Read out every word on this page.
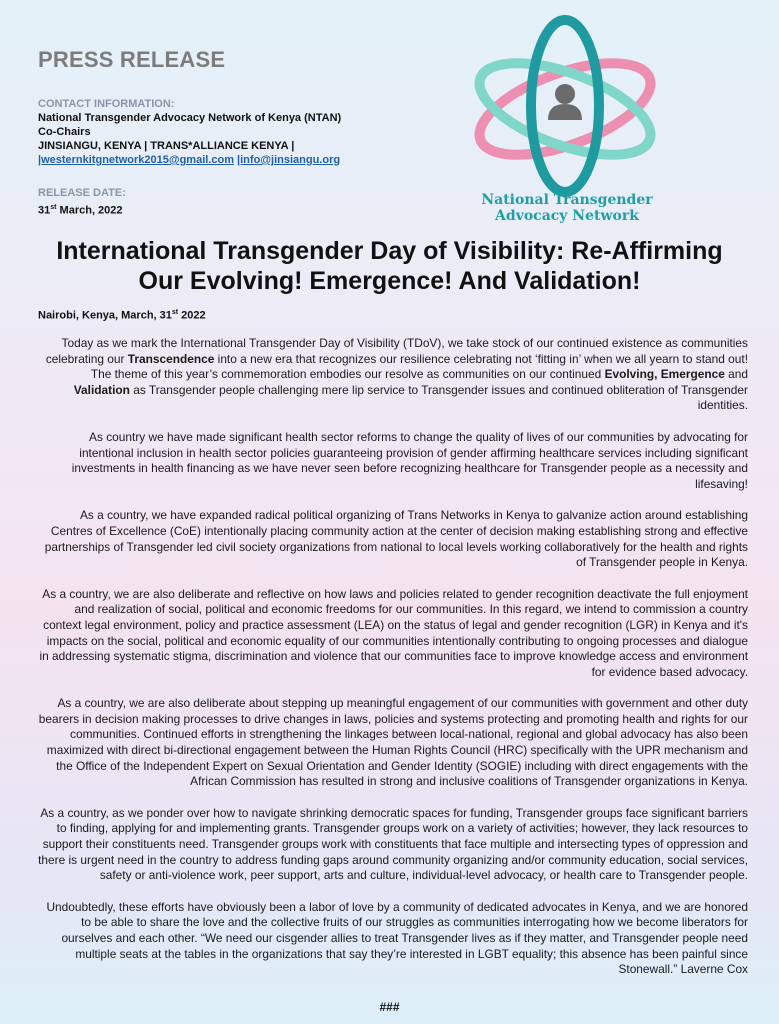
PRESS RELEASE
CONTACT INFORMATION:
National Transgender Advocacy Network of Kenya (NTAN)
Co-Chairs
JINSIANGU, KENYA | TRANS*ALLIANCE KENYA |
|westernkitgnetwork2015@gmail.com |info@jinsiangu.org
RELEASE DATE:
31st March, 2022
National Transgender
Advocacy Network
International Transgender Day of Visibility: Re-Affirming
Our Evolving! Emergence! And Validation!
Nairobi, Kenya, March, 31st 2022

Today as we mark the International Transgender Day of Visibility (TDoV), we take stock of our continued existence as communities celebrating our Transcendence into a new era that recognizes our resilience celebrating not ‘fitting in’ when we all yearn to stand out! The theme of this year’s commemoration embodies our resolve as communities on our continued Evolving, Emergence and Validation as Transgender people challenging mere lip service to Transgender issues and continued obliteration of Transgender identities.

As country we have made significant health sector reforms to change the quality of lives of our communities by advocating for intentional inclusion in health sector policies guaranteeing provision of gender affirming healthcare services including significant investments in health financing as we have never seen before recognizing healthcare for Transgender people as a necessity and lifesaving!

As a country, we have expanded radical political organizing of Trans Networks in Kenya to galvanize action around establishing Centres of Excellence (CoE) intentionally placing community action at the center of decision making establishing strong and effective partnerships of Transgender led civil society organizations from national to local levels working collaboratively for the health and rights of Transgender people in Kenya.

As a country, we are also deliberate and reflective on how laws and policies related to gender recognition deactivate the full enjoyment and realization of social, political and economic freedoms for our communities. In this regard, we intend to commission a country context legal environment, policy and practice assessment (LEA) on the status of legal and gender recognition (LGR) in Kenya and it's impacts on the social, political and economic equality of our communities intentionally contributing to ongoing processes and dialogue in addressing systematic stigma, discrimination and violence that our communities face to improve knowledge access and environment for evidence based advocacy.

As a country, we are also deliberate about stepping up meaningful engagement of our communities with government and other duty bearers in decision making processes to drive changes in laws, policies and systems protecting and promoting health and rights for our communities. Continued efforts in strengthening the linkages between local-national, regional and global advocacy has also been maximized with direct bi-directional engagement between the Human Rights Council (HRC) specifically with the UPR mechanism and the Office of the Independent Expert on Sexual Orientation and Gender Identity (SOGIE) including with direct engagements with the African Commission has resulted in strong and inclusive coalitions of Transgender organizations in Kenya.

As a country, as we ponder over how to navigate shrinking democratic spaces for funding, Transgender groups face significant barriers to finding, applying for and implementing grants. Transgender groups work on a variety of activities; however, they lack resources to support their constituents need. Transgender groups work with constituents that face multiple and intersecting types of oppression and there is urgent need in the country to address funding gaps around community organizing and/or community education, social services, safety or anti-violence work, peer support, arts and culture, individual-level advocacy, or health care to Transgender people.

Undoubtedly, these efforts have obviously been a labor of love by a community of dedicated advocates in Kenya, and we are honored to be able to share the love and the collective fruits of our struggles as communities interrogating how we become liberators for ourselves and each other. “We need our cisgender allies to treat Transgender lives as if they matter, and Transgender people need multiple seats at the tables in the organizations that say they’re interested in LGBT equality; this absence has been painful since Stonewall.” Laverne Cox

###
